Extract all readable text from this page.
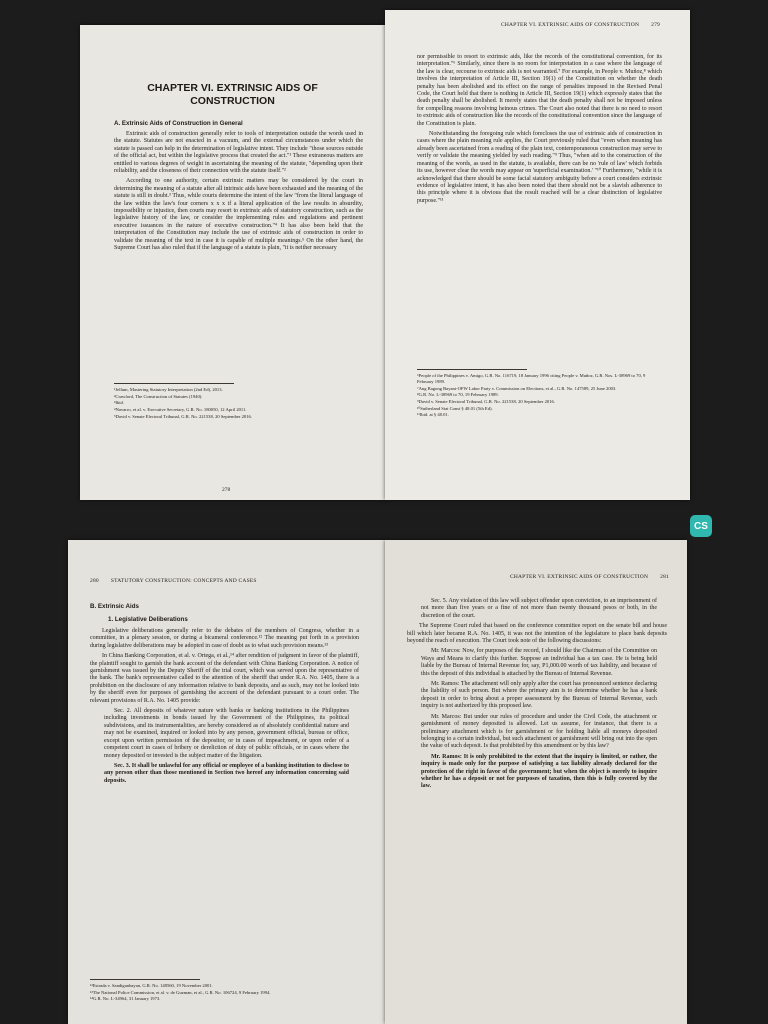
CHAPTER VI. EXTRINSIC AIDS OF CONSTRUCTION
A. Extrinsic Aids of Construction in General

Extrinsic aids of construction generally refer to tools of interpretation outside the words used in the statute. Statutes are not enacted in a vacuum, and the external circumstances under which the statute is passed can help in the determination of legislative intent. They include "those sources outside of the official act, but within the legislative process that created the act."¹ These extraneous matters are entitled to various degrees of weight in ascertaining the meaning of the statute, "depending upon their reliability, and the closeness of their connection with the statute itself."²

According to one authority, certain extrinsic matters may be considered by the court in determining the meaning of a statute after all intrinsic aids have been exhausted and the meaning of the statute is still in doubt.³ Thus, while courts determine the intent of the law "from the literal language of the law within the law's four corners x x x if a literal application of the law results in absurdity, impossibility or injustice, then courts may resort to extrinsic aids of statutory construction, such as the legislative history of the law, or consider the implementing rules and regulations and pertinent executive issuances in the nature of executive construction."⁴ It has also been held that the interpretation of the Constitution may include the use of extrinsic aids of construction in order to validate the meaning of the text in case it is capable of multiple meanings.⁵ On the other hand, the Supreme Court has also ruled that if the language of a statute is plain, "it is neither necessary

¹Jellum, Mastering Statutory Interpretation (2nd Ed), 2013.
²Crawford, The Construction of Statutes (1940).
³Ibid.
⁴Navarro, et al. v. Executive Secretary, G.R. No. 180050, 12 April 2011.
⁵David v. Senate Electoral Tribunal, G.R. No. 221538, 20 September 2016.
278
CHAPTER VI. EXTRINSIC AIDS OF CONSTRUCTION 279

nor permissible to resort to extrinsic aids, like the records of the constitutional convention, for its interpretation."⁶ Similarly, since there is no room for interpretation in a case where the language of the law is clear, recourse to extrinsic aids is not warranted.⁷ For example, in People v. Muñoz,⁸ which involves the interpretation of Article III, Section 19(1) of the Constitution on whether the death penalty has been abolished and its effect on the range of penalties imposed in the Revised Penal Code, the Court held that there is nothing in Article III, Section 19(1) which expressly states that the death penalty shall be abolished. It merely states that the death penalty shall not be imposed unless for compelling reasons involving heinous crimes. The Court also noted that there is no need to resort to extrinsic aids of construction like the records of the constitutional convention since the language of the Constitution is plain.

Notwithstanding the foregoing rule which forecloses the use of extrinsic aids of construction in cases where the plain meaning rule applies, the Court previously ruled that "even when meaning has already been ascertained from a reading of the plain text, contemporaneous construction may serve to verify or validate the meaning yielded by such reading."⁹ Thus, "when aid to the construction of the meaning of the words, as used in the statute, is available, there can be no 'rule of law' which forbids its use, however clear the words may appear on 'superficial examination.' "¹⁰ Furthermore, "while it is acknowledged that there should be some facial statutory ambiguity before a court considers extrinsic evidence of legislative intent, it has also been noted that there should not be a slavish adherence to this principle where it is obvious that the result reached will be a clear distinction of legislative purpose."¹¹

⁶People of the Philippines v. Amigo, G.R. No. 116719, 18 January 1996 citing People v. Muñoz, G.R. Nos. L-38969 to 70, 9 February 1989.
⁷Ang Bagong Bayani-OFW Labor Party v. Commission on Elections, et al., G.R. No. 147589, 25 June 2003.
⁸G.R. No. L-38969 to 70, 19 February 1989.
⁹David v. Senate Electoral Tribunal, G.R. No. 221538, 20 September 2016.
¹⁰Sutherland Stat Const § 48.01 (5th Ed).
¹¹Ibid. at § 48.01.
CS
280 STATUTORY CONSTRUCTION: CONCEPTS AND CASES
B. Extrinsic Aids
1. Legislative Deliberations

Legislative deliberations generally refer to the debates of the members of Congress, whether in a committee, in a plenary session, or during a bicameral conference.¹² The meaning put forth in a provision during legislative deliberations may be adopted in case of doubt as to what such provision means.¹³

In China Banking Corporation, et al. v. Ortega, et al.,¹⁴ after rendition of judgment in favor of the plaintiff, the plaintiff sought to garnish the bank account of the defendant with China Banking Corporation. A notice of garnishment was issued by the Deputy Sheriff of the trial court, which was served upon the representative of the bank. The bank's representative called to the attention of the sheriff that under R.A. No. 1405, there is a prohibition on the disclosure of any information relative to bank deposits, and as such, may not be looked into by the sheriff even for purposes of garnishing the account of the defendant pursuant to a court order. The relevant provisions of R.A. No. 1405 provide:

Sec. 2. All deposits of whatever nature with banks or banking institutions in the Philippines including investments in bonds issued by the Government of the Philippines, its political subdivisions, and its instrumentalities, are hereby considered as of absolutely confidential nature and may not be examined, inquired or looked into by any person, government official, bureau or office, except upon written permission of the depositor, or in cases of impeachment, or upon order of a competent court in cases of bribery or dereliction of duty of public officials, or in cases where the money deposited or invested is the subject matter of the litigation.

Sec. 3. It shall be unlawful for any official or employee of a banking institution to disclose to any person other than those mentioned in Section two hereof any information concerning said deposits.

¹²Estrada v. Sandiganbayan, G.R. No. 148560, 19 November 2001.
¹³The National Police Commission, et al. v. de Guzman, et al., G.R. No. 106724, 9 February 1994.
¹⁴G.R. No. L-34964, 31 January 1973.
CHAPTER VI. EXTRINSIC AIDS OF CONSTRUCTION 281

Sec. 5. Any violation of this law will subject offender upon conviction, to an imprisonment of not more than five years or a fine of not more than twenty thousand pesos or both, in the discretion of the court.

The Supreme Court ruled that based on the conference committee report on the senate bill and house bill which later became R.A. No. 1405, it was not the intention of the legislature to place bank deposits beyond the reach of execution. The Court took note of the following discussions:

Mr. Marcos: Now, for purposes of the record, I should like the Chairman of the Committee on Ways and Means to clarify this further. Suppose an individual has a tax case. He is being held liable by the Bureau of Internal Revenue for, say, P1,000.00 worth of tax liability, and because of this the deposit of this individual is attached by the Bureau of Internal Revenue.

Mr. Ramos: The attachment will only apply after the court has pronounced sentence declaring the liability of such person. But where the primary aim is to determine whether he has a bank deposit in order to bring about a proper assessment by the Bureau of Internal Revenue, such inquiry is not authorized by this proposed law.

Mr. Marcos: But under our rules of procedure and under the Civil Code, the attachment or garnishment of money deposited is allowed. Let us assume, for instance, that there is a preliminary attachment which is for garnishment or for holding liable all moneys deposited belonging to a certain individual, but such attachment or garnishment will bring out into the open the value of such deposit. Is that prohibited by this amendment or by this law?

Mr. Ramos: It is only prohibited to the extent that the inquiry is limited, or rather, the inquiry is made only for the purpose of satisfying a tax liability already declared for the protection of the right in favor of the government; but when the object is merely to inquire whether he has a deposit or not for purposes of taxation, then this is fully covered by the law.
